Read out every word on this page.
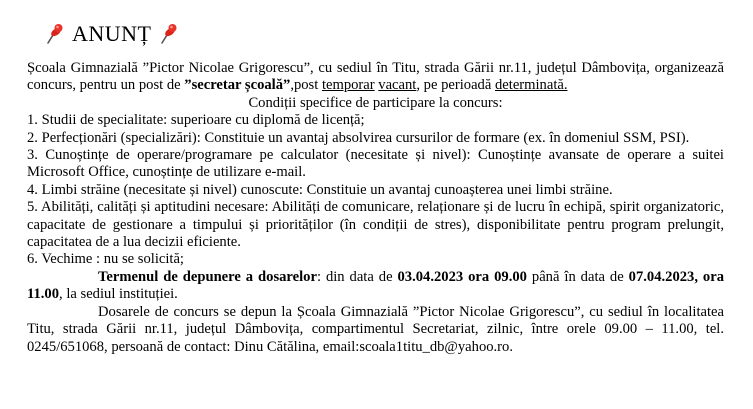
ANUNȚ

Școala Gimnazială ”Pictor Nicolae Grigorescu”, cu sediul în Titu, strada Gării nr.11, județul Dâmbovița, organizează concurs, pentru un post de ”secretar școală”,post temporar vacant, pe perioadă determinată.

Condiții specifice de participare la concurs:

1. Studii de specialitate: superioare cu diplomă de licență;

2. Perfecționări (specializări): Constituie un avantaj absolvirea cursurilor de formare (ex. în domeniul SSM, PSI).

3. Cunoștințe de operare/programare pe calculator (necesitate și nivel): Cunoștințe avansate de operare a suitei Microsoft Office, cunoștințe de utilizare e-mail.

4. Limbi străine (necesitate și nivel) cunoscute: Constituie un avantaj cunoașterea unei limbi străine.

5. Abilități, calități și aptitudini necesare: Abilități de comunicare, relaționare și de lucru în echipă, spirit organizatoric, capacitate de gestionare a timpului și priorităților (în condiții de stres), disponibilitate pentru program prelungit, capacitatea de a lua decizii eficiente.

6. Vechime : nu se solicită;

Termenul de depunere a dosarelor: din data de 03.04.2023 ora 09.00 până în data de 07.04.2023, ora 11.00, la sediul instituției.

Dosarele de concurs se depun la Școala Gimnazială ”Pictor Nicolae Grigorescu”, cu sediul în localitatea Titu, strada Gării nr.11, județul Dâmbovița, compartimentul Secretariat, zilnic, între orele 09.00 – 11.00, tel. 0245/651068, persoană de contact: Dinu Cătălina, email:scoala1titu_db@yahoo.ro.
